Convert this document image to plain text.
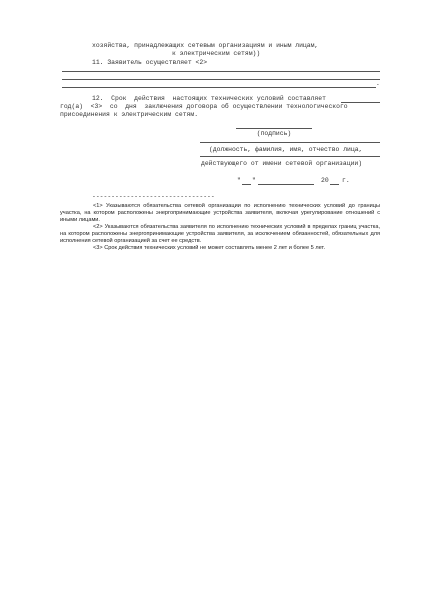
хозяйства, принадлежащих сетевым организациям и иным лицам,
к электрическим сетям))
11. Заявитель осуществляет <2>
.
12.  Срок  действия  настоящих технических условий составляет
год(а)  <3>  со  дня  заключения договора об осуществлении технологического
присоединения к электрическим сетям.
(подпись)
(должность, фамилия, имя, отчество лица,
действующего от имени сетевой организации)
" "	20 г.
--------------------------------
<1> Указываются обязательства сетевой организации по исполнению технических условий до границы участка, на котором расположены энергопринимающие устройства заявителя, включая урегулирование отношений с иными лицами.
<2> Указываются обязательства заявителя по исполнению технических условий в пределах границ участка, на котором расположены энергопринимающие устройства заявителя, за исключением обязанностей, обязательных для исполнения сетевой организацией за счет ее средств.
<3> Срок действия технических условий не может составлять менее 2 лет и более 5 лет.
